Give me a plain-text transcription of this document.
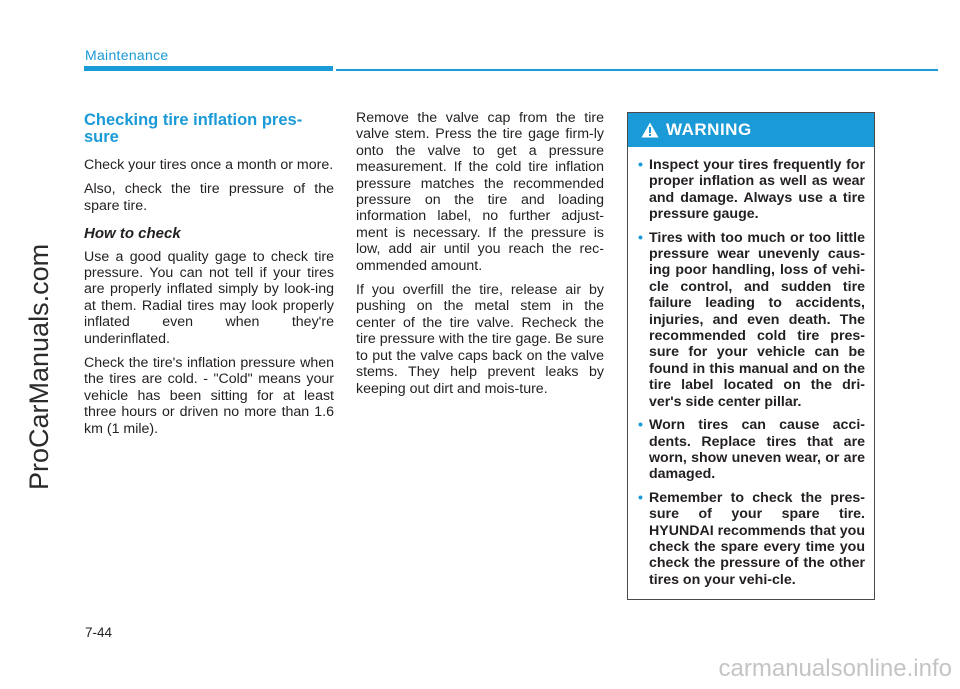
Maintenance
Checking tire inflation pres-
sure

Check your tires once a month or more.

Also, check the tire pressure of the spare tire.

How to check

Use a good quality gage to check tire pressure. You can not tell if your tires are properly inflated simply by look-ing at them. Radial tires may look properly inflated even when they're underinflated.

Check the tire's inflation pressure when the tires are cold. - "Cold" means your vehicle has been sitting for at least three hours or driven no more than 1.6 km (1 mile).

Remove the valve cap from the tire valve stem. Press the tire gage firm-ly onto the valve to get a pressure measurement. If the cold tire inflation pressure matches the recommended pressure on the tire and loading information label, no further adjust-ment is necessary. If the pressure is low, add air until you reach the rec-ommended amount.

If you overfill the tire, release air by pushing on the metal stem in the center of the tire valve. Recheck the tire pressure with the tire gage. Be sure to put the valve caps back on the valve stems. They help prevent leaks by keeping out dirt and mois-ture.

WARNING
• Inspect your tires frequently for proper inflation as well as wear and damage. Always use a tire pressure gauge.
• Tires with too much or too little pressure wear unevenly caus-ing poor handling, loss of vehi-cle control, and sudden tire failure leading to accidents, injuries, and even death. The recommended cold tire pres-sure for your vehicle can be found in this manual and on the tire label located on the dri-ver's side center pillar.
• Worn tires can cause acci-dents. Replace tires that are worn, show uneven wear, or are damaged.
• Remember to check the pres-sure of your spare tire. HYUNDAI recommends that you check the spare every time you check the pressure of the other tires on your vehi-cle.
ProCarManuals.com
7-44
carmanualsonline.info
